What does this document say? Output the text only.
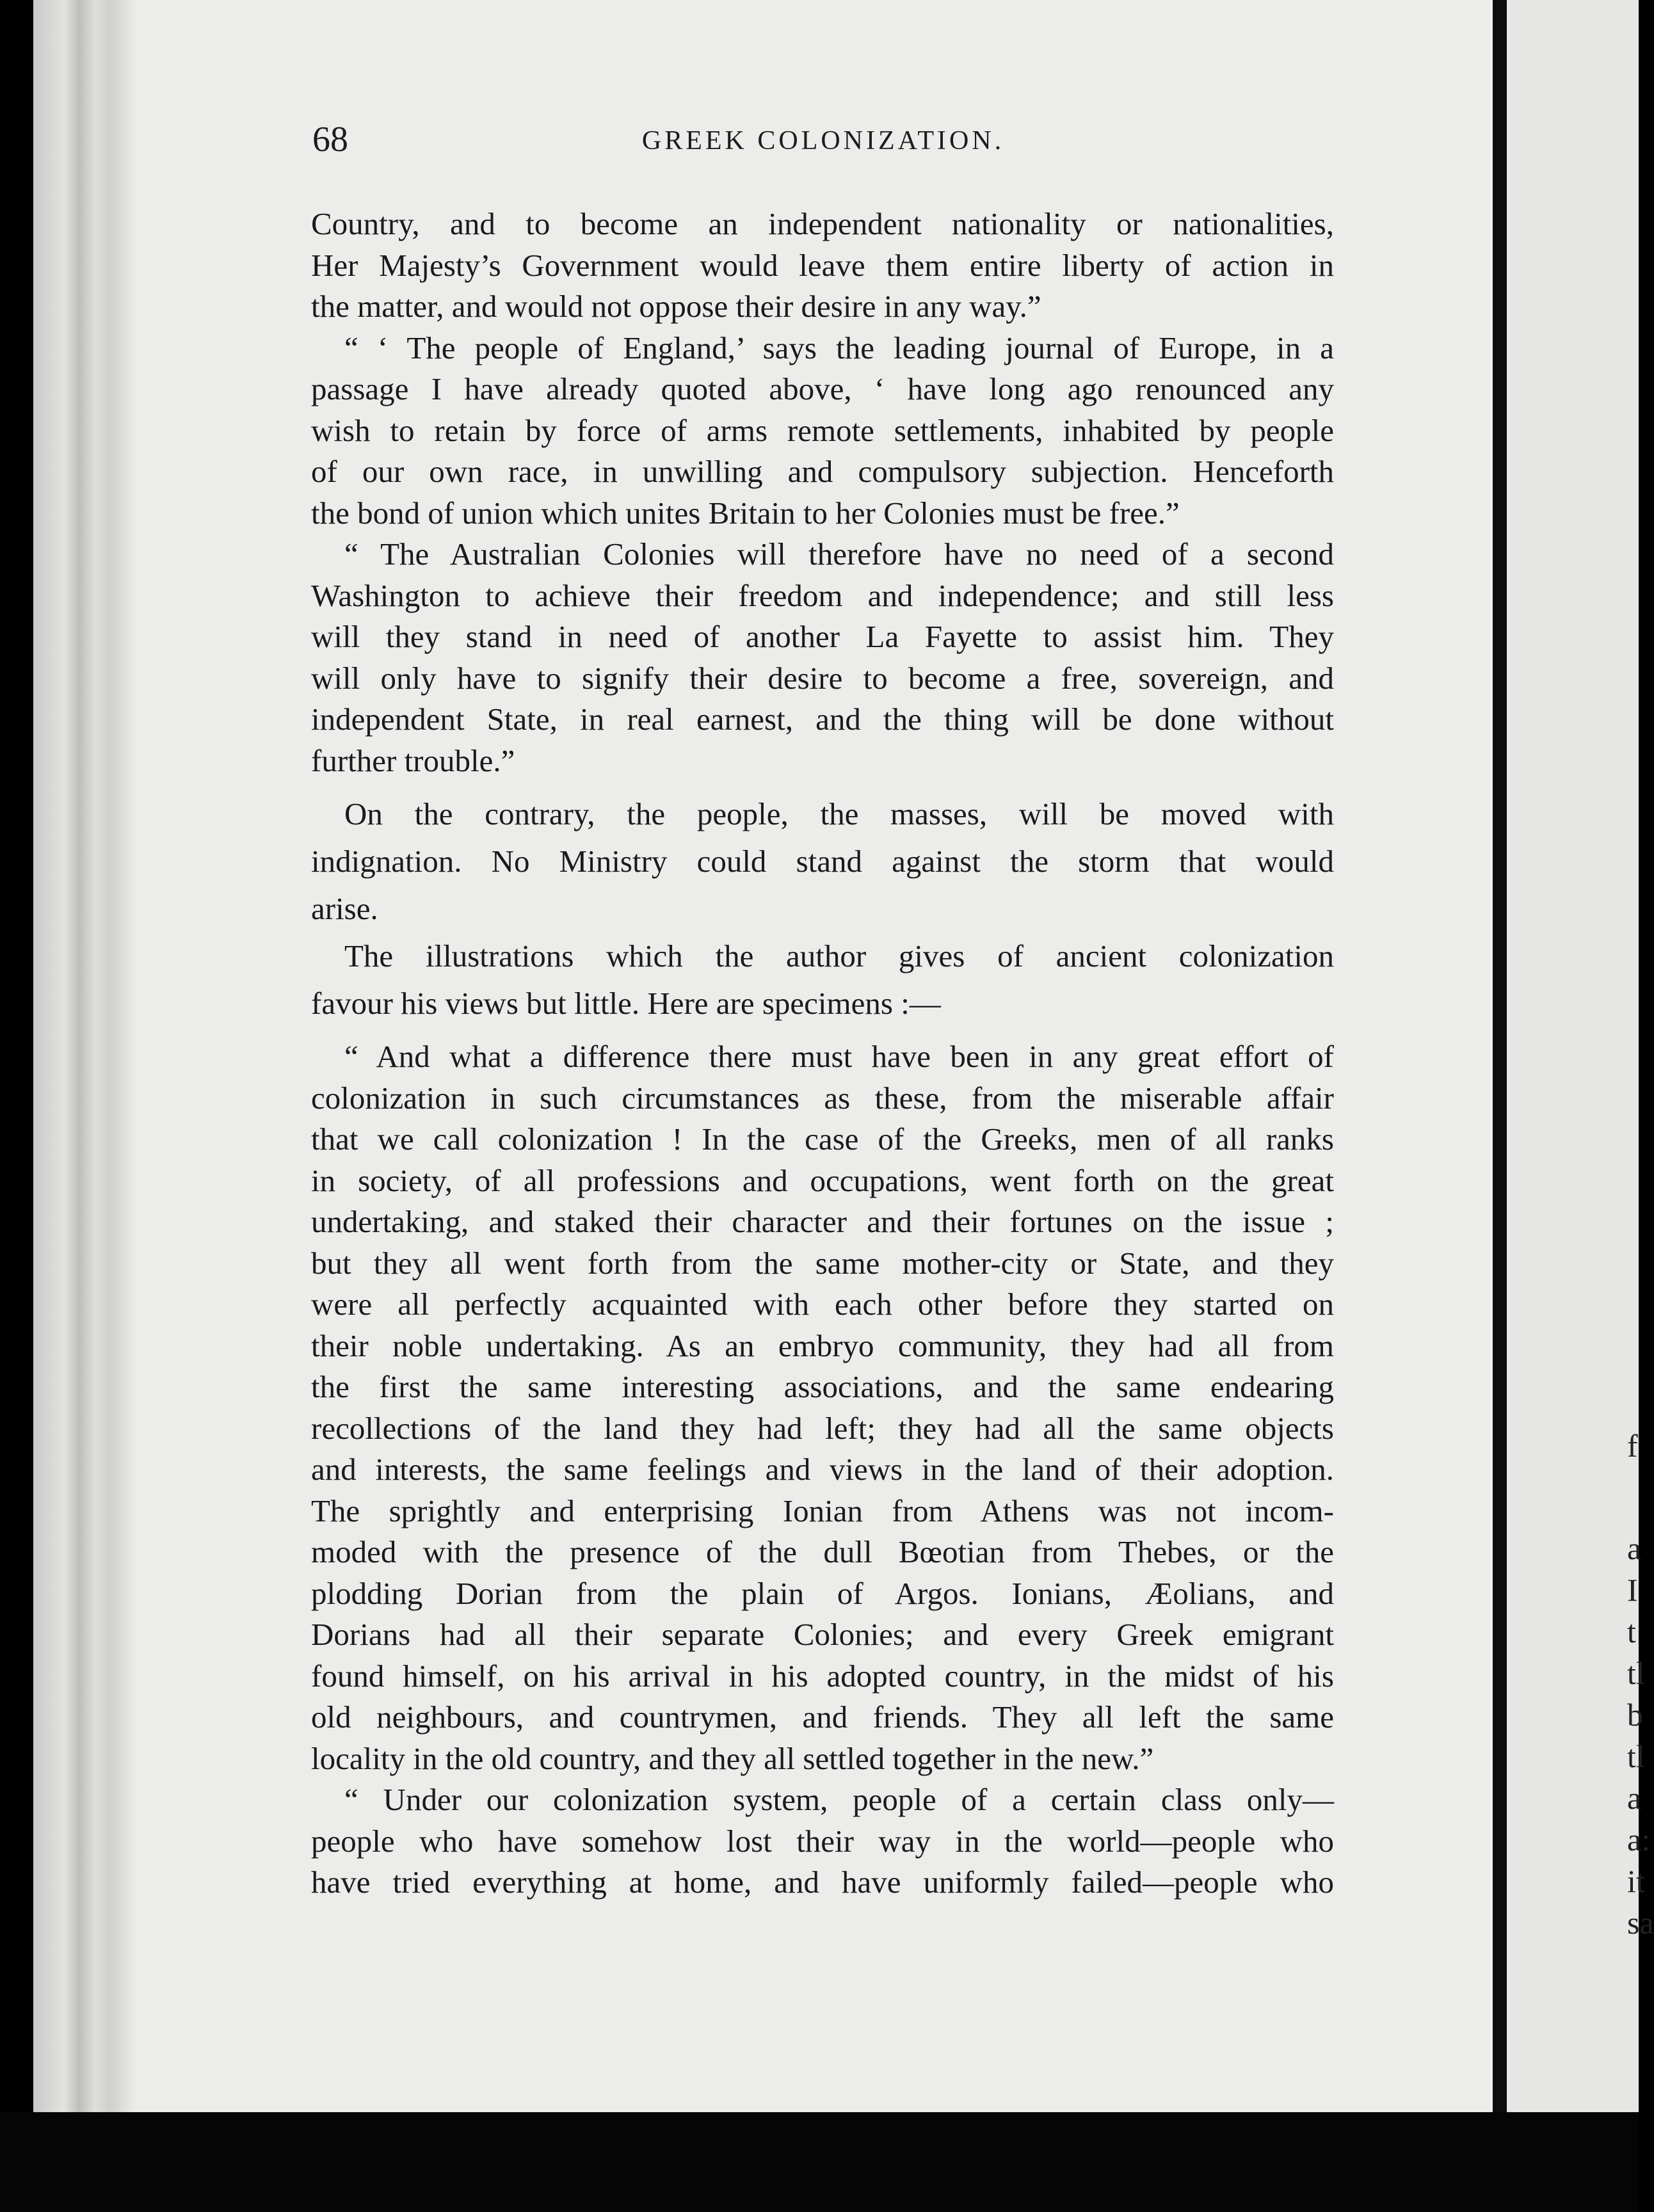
f
a
I
t
tl
b
tl
a
a:
it
sa
68	GREEK COLONIZATION.

Country, and to become an independent nationality or nationalities,

Her Majesty’s Government would leave them entire liberty of action in

the matter, and would not oppose their desire in any way.”

“ ‘ The people of England,’ says the leading journal of Europe, in a

passage I have already quoted above, ‘ have long ago renounced any

wish to retain by force of arms remote settlements, inhabited by people

of our own race, in unwilling and compulsory subjection. Henceforth

the bond of union which unites Britain to her Colonies must be free.”

“ The Australian Colonies will therefore have no need of a second

Washington to achieve their freedom and independence; and still less

will they stand in need of another La Fayette to assist him. They

will only have to signify their desire to become a free, sovereign, and

independent State, in real earnest, and the thing will be done without

further trouble.”

On the contrary, the people, the masses, will be moved with

indignation. No Ministry could stand against the storm that would

arise.

The illustrations which the author gives of ancient colonization

favour his views but little. Here are specimens :—

“ And what a difference there must have been in any great effort of

colonization in such circumstances as these, from the miserable affair

that we call colonization ! In the case of the Greeks, men of all ranks

in society, of all professions and occupations, went forth on the great

undertaking, and staked their character and their fortunes on the issue ;

but they all went forth from the same mother-city or State, and they

were all perfectly acquainted with each other before they started on

their noble undertaking. As an embryo community, they had all from

the first the same interesting associations, and the same endearing

recollections of the land they had left; they had all the same objects

and interests, the same feelings and views in the land of their adoption.

The sprightly and enterprising Ionian from Athens was not incom-

moded with the presence of the dull Bœotian from Thebes, or the

plodding Dorian from the plain of Argos. Ionians, Æolians, and

Dorians had all their separate Colonies; and every Greek emigrant

found himself, on his arrival in his adopted country, in the midst of his

old neighbours, and countrymen, and friends. They all left the same

locality in the old country, and they all settled together in the new.”

“ Under our colonization system, people of a certain class only—

people who have somehow lost their way in the world—people who

have tried everything at home, and have uniformly failed—people who
